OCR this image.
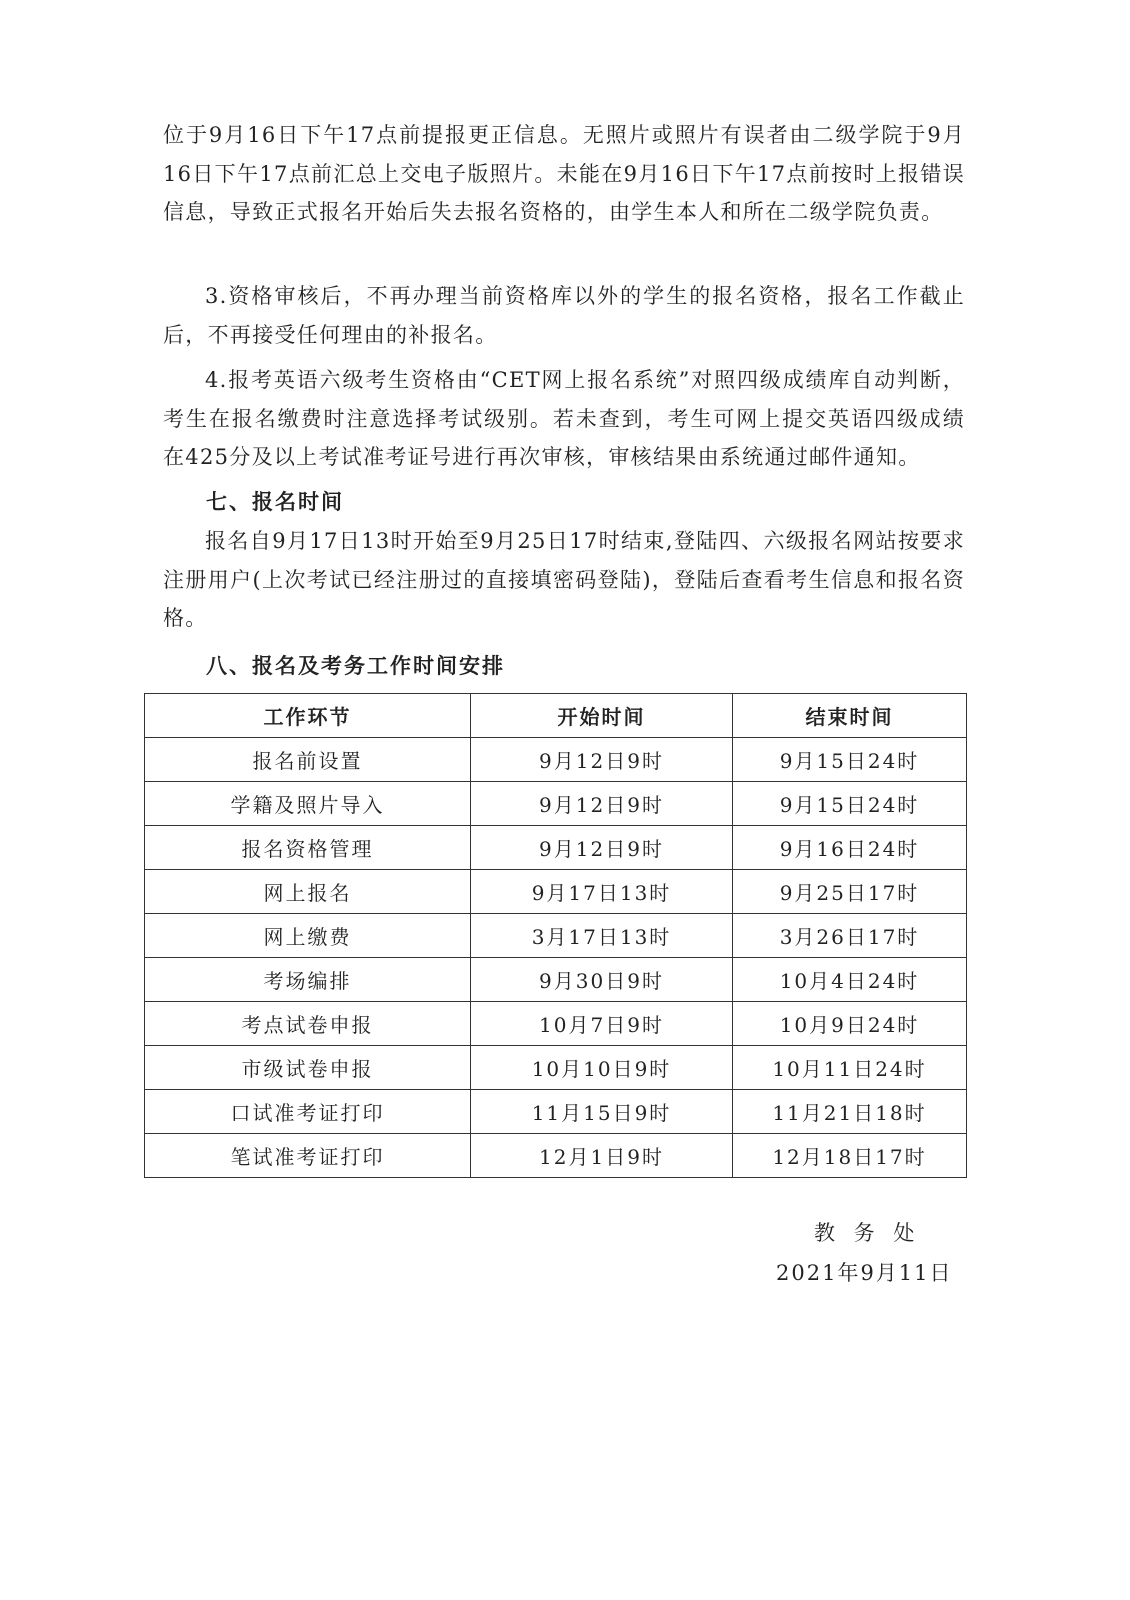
位于9月16日下午17点前提报更正信息。无照片或照片有误者由二级学院于9月16日下午17点前汇总上交电子版照片。未能在9月16日下午17点前按时上报错误信息，导致正式报名开始后失去报名资格的，由学生本人和所在二级学院负责。

3.资格审核后，不再办理当前资格库以外的学生的报名资格，报名工作截止后，不再接受任何理由的补报名。

4.报考英语六级考生资格由“CET网上报名系统”对照四级成绩库自动判断，考生在报名缴费时注意选择考试级别。若未查到，考生可网上提交英语四级成绩在425分及以上考试准考证号进行再次审核，审核结果由系统通过邮件通知。

七、报名时间

报名自9月17日13时开始至9月25日17时结束,登陆四、六级报名网站按要求注册用户(上次考试已经注册过的直接填密码登陆)，登陆后查看考生信息和报名资格。

八、报名及考务工作时间安排

工作环节	开始时间	结束时间
报名前设置	9月12日9时	9月15日24时
学籍及照片导入	9月12日9时	9月15日24时
报名资格管理	9月12日9时	9月16日24时
网上报名	9月17日13时	9月25日17时
网上缴费	3月17日13时	3月26日17时
考场编排	9月30日9时	10月4日24时
考点试卷申报	10月7日9时	10月9日24时
市级试卷申报	10月10日9时	10月11日24时
口试准考证打印	11月15日9时	11月21日18时
笔试准考证打印	12月1日9时	12月18日17时

教 务 处

2021年9月11日
